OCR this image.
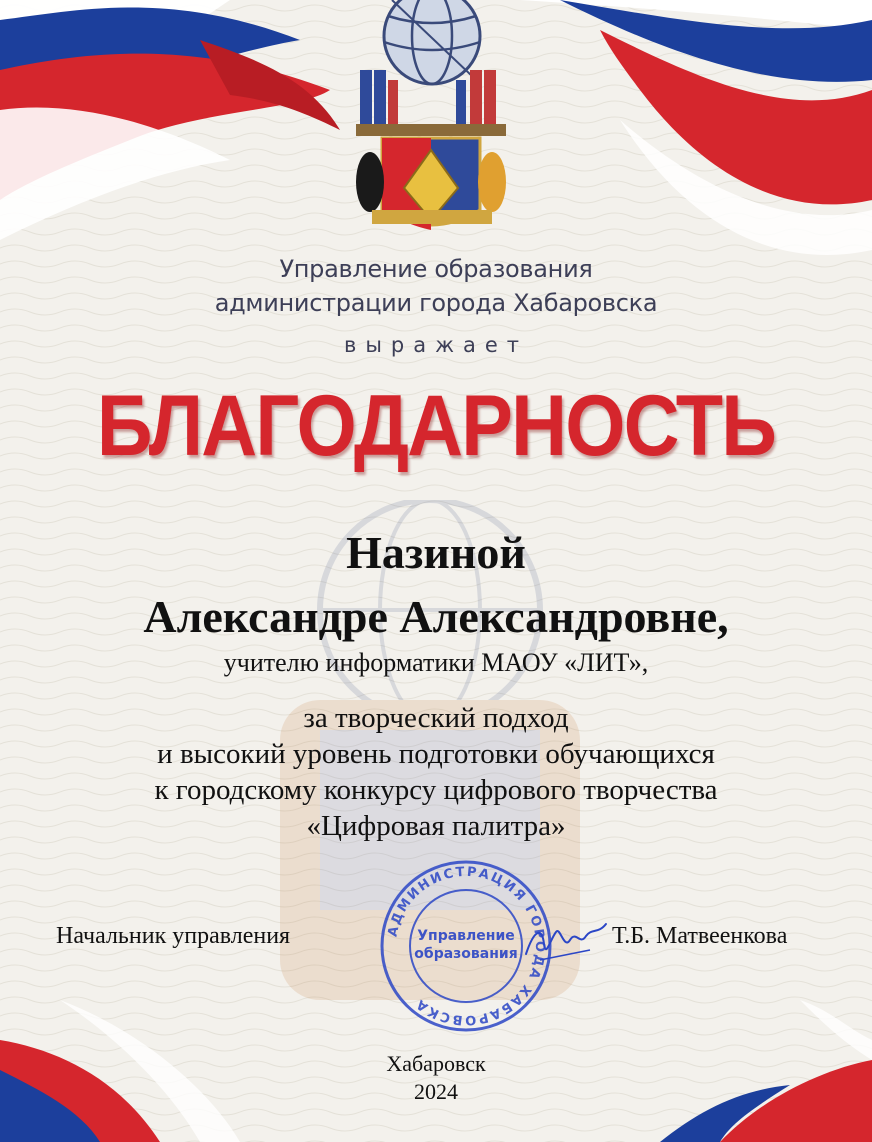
Управление образования
администрации города Хабаровска
выражает
БЛАГОДАРНОСТЬ
Назиной
Александре Александровне,
учителю информатики МАОУ «ЛИТ»,
за творческий подход
и высокий уровень подготовки обучающихся
к городскому конкурсу цифрового творчества
«Цифровая палитра»
Начальник управления	АДМИНИСТРАЦИЯ ГОРОДА ХАБАРОВСКА
Управление
образования
Т.Б. Матвеенкова
Хабаровск
2024
